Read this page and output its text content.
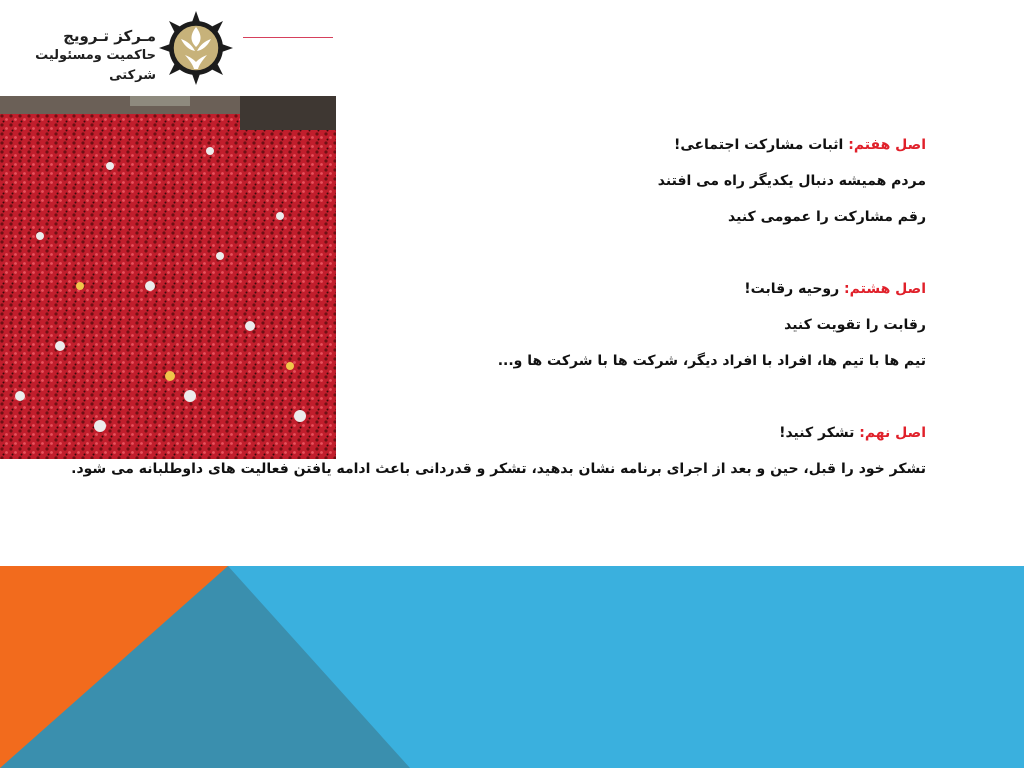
مـرکز تـرویج
حاکمیت ومسئولیت شرکتی
اصل هفتم: اثبات مشارکت اجتماعی!
مردم همیشه دنبال یکدیگر راه می افتند
رقم مشارکت را عمومی کنید
اصل هشتم: روحیه رقابت!
رقابت را تقویت کنید
تیم ها با تیم ها، افراد با افراد دیگر، شرکت ها با شرکت ها و...
اصل نهم: تشکر کنید!
تشکر خود را قبل، حین و بعد از اجرای برنامه نشان بدهید، تشکر و قدردانی باعث ادامه یافتن فعالیت های داوطلبانه می شود.
